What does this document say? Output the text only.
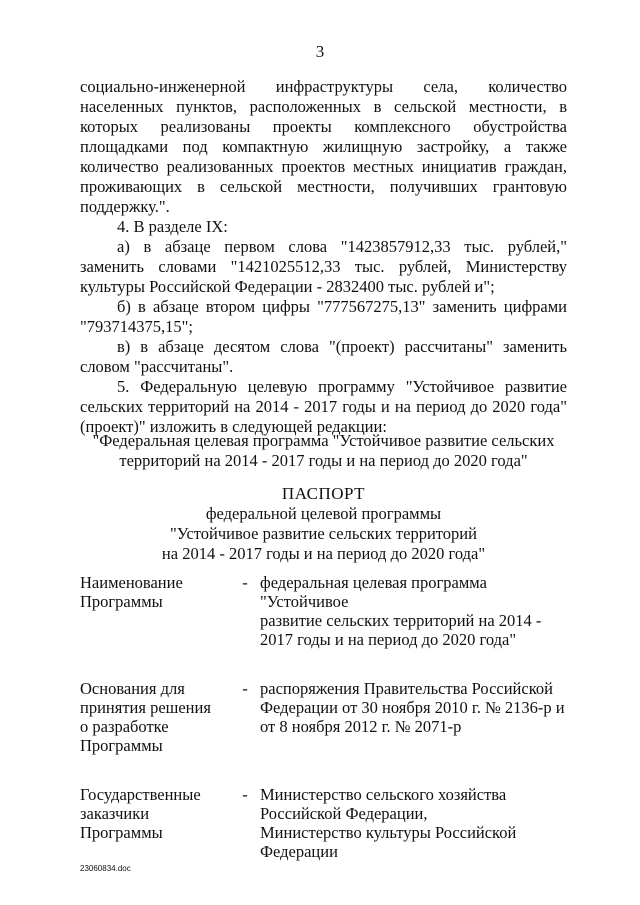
3

социально-инженерной инфраструктуры села, количество населенных пунктов, расположенных в сельской местности, в которых реализованы проекты комплексного обустройства площадками под компактную жилищную застройку, а также количество реализованных проектов местных инициатив граждан, проживающих в сельской местности, получивших грантовую поддержку.".

4. В разделе IX:

а) в абзаце первом слова "1423857912,33 тыс. рублей," заменить словами "1421025512,33 тыс. рублей, Министерству культуры Российской Федерации - 2832400 тыс. рублей и";

б) в абзаце втором цифры "777567275,13" заменить цифрами "793714375,15";

в) в абзаце десятом слова "(проект) рассчитаны" заменить словом "рассчитаны".

5. Федеральную целевую программу "Устойчивое развитие сельских территорий на 2014 - 2017 годы и на период до 2020 года" (проект)" изложить в следующей редакции:

"Федеральная целевая программа "Устойчивое развитие сельских
территорий на 2014 - 2017 годы и на период до 2020 года"
ПАСПОРТ
федеральной целевой программы
"Устойчивое развитие сельских территорий
на 2014 - 2017 годы и на период до 2020 года"
Наименование
Программы
- федеральная целевая программа "Устойчивое
развитие сельских территорий на 2014 -
2017 годы и на период до 2020 года"
Основания для
принятия решения
о разработке
Программы
- распоряжения Правительства Российской
Федерации от 30 ноября 2010 г. № 2136-р и
от 8 ноября 2012 г. № 2071-р
Государственные
заказчики Программы
- Министерство сельского хозяйства
Российской Федерации,
Министерство культуры Российской
Федерации
23060834.doc
